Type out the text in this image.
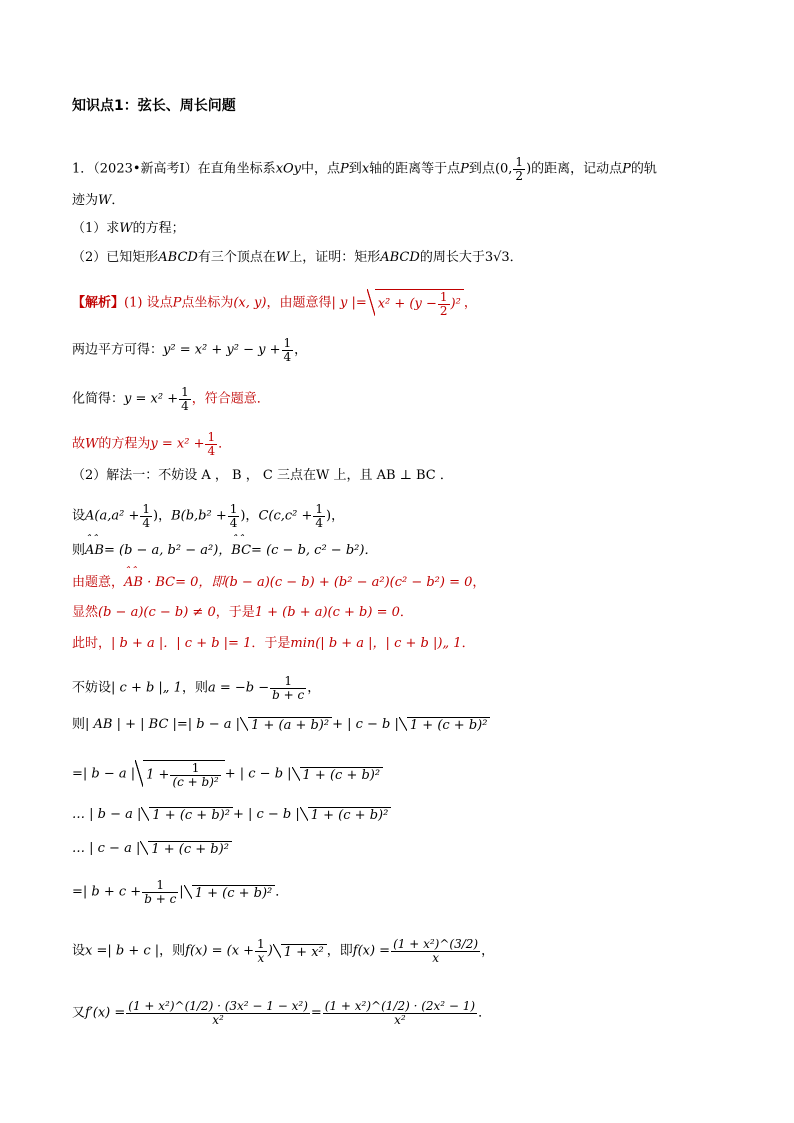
知识点1：弦长、周长问题
1．（2023•新高考Ⅰ）在直角坐标系xOy中，点P到x轴的距离等于点P到点(0, $\frac{1}{2}$ )的距离，记动点P的轨
迹为W．
（1）求W的方程；
（2）已知矩形ABCD有三个顶点在W上，证明：矩形ABCD的周长大于3√3．
【解析】(1) 设点P点坐标为(x, y)，由题意得| y |= $x^2 + (y - \frac{1}{2} )^2$ ，
两边平方可得：$y^2 = x^2 + y^2 - y + \frac{1}{4}$ ，
化简得：$y = x^2 + \frac{1}{4}$ ，符合题意．
故W的方程为$y = x^2 + \frac{1}{4}$ ．
（2）解法一：不妨设 A ， B ， C 三点在W 上，且 AB ⊥ BC ．
设$A(a,a^2 + \frac{1}{4}$ )，$B(b,b^2 + \frac{1}{4}$ )，$C(c,c^2 + \frac{1}{4}$ )，
则⌃⌃ AB= (b − a, b² − a²)，⌃⌃ BC= (c − b, c² − b²)．
由题意，⌃⌃ AB · BC= 0，即(b − a)(c − b) + (b² − a²)(c² − b²) = 0，
显然(b − a)(c − b) ≠ 0，于是1 + (b + a)(c + b) = 0．
此时，| b + a |．| c + b |= 1．于是min(| b + a |，| c + b |)„ 1．
不妨设| c + b |„ 1，则$a = -b - \frac{1}{b + c}$ ，
则| AB | + | BC |=| b − a | 1 + (a + b)² + | c − b | 1 + (c + b)²
=| b − a | $1 + \frac{1}{\text{(c + b)²}}$ + | c − b | 1 + (c + b)²
… | b − a | 1 + (c + b)² + | c − b | 1 + (c + b)²
… | c − a | 1 + (c + b)²
=| $b + c + \frac{1}{b + c}$ | 1 + (c + b)² ．
设x =| b + c |，则$f(x) = (x + \frac{1}{x}$ ) 1 + x² ，即$f(x) = \frac{\text{(1 + x²)\textasciicircum{}(3/2)}}{x}$ ，
又$f'(x) = \frac{\text{(1 + x²)\textasciicircum{}(1/2) · (3x² − 1 − x²)}}{\text{x²}} = \frac{\text{(1 + x²)\textasciicircum{}(1/2) · (2x² − 1)}}{\text{x²}}$ ．
